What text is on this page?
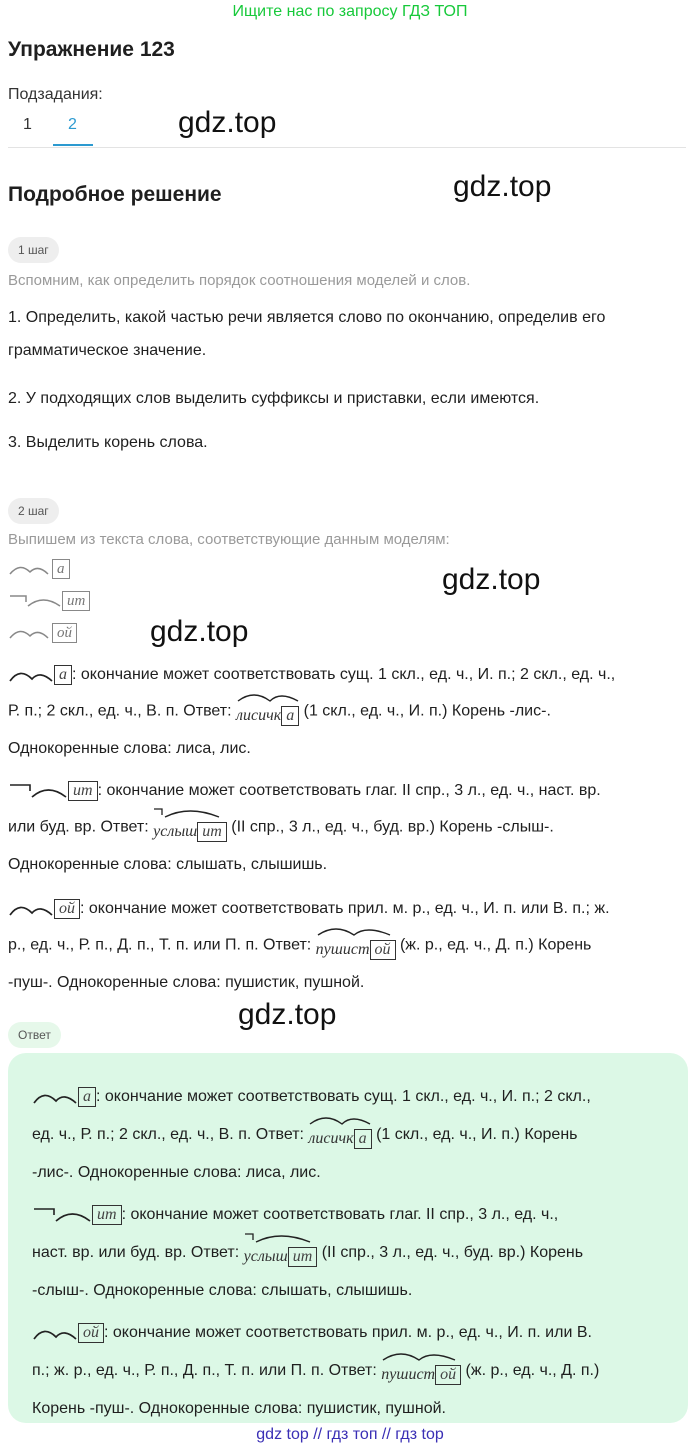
Ищите нас по запросу ГДЗ ТОП
Упражнение 123
Подзадания:
1 2	gdz.top
gdz.top
gdz.top
gdz.top
gdz.top
Подробное решение
1 шаг
Вспомним, как определить порядок соотношения моделей и слов.
1. Определить, какой частью речи является слово по окончанию, определив его
грамматическое значение.
2. У подходящих слов выделить суффиксы и приставки, если имеются.
3. Выделить корень слова.
2 шаг
Выпишем из текста слова, соответствующие данным моделям:
а
ит
ой
а : окончание может соответствовать сущ. 1 скл., ед. ч., И. п.; 2 скл., ед. ч.,
Р. п.; 2 скл., ед. ч., В. п. Ответ:
лисичк а (1 скл., ед. ч., И. п.) Корень -лис-.
Однокоренные слова: лиса, лис.
ит : окончание может соответствовать глаг. II спр., 3 л., ед. ч., наст. вр.
или буд. вр. Ответ:
услыш ит (II спр., 3 л., ед. ч., буд. вр.) Корень -слыш-.
Однокоренные слова: слышать, слышишь.
ой : окончание может соответствовать прил. м. р., ед. ч., И. п. или В. п.; ж.
р., ед. ч., Р. п., Д. п., Т. п. или П. п. Ответ:
пушист ой (ж. р., ед. ч., Д. п.) Корень
-пуш-. Однокоренные слова: пушистик, пушной.
Ответ
а : окончание может соответствовать сущ. 1 скл., ед. ч., И. п.; 2 скл.,
ед. ч., Р. п.; 2 скл., ед. ч., В. п. Ответ:
лисичк а (1 скл., ед. ч., И. п.) Корень
-лис-. Однокоренные слова: лиса, лис.
ит : окончание может соответствовать глаг. II спр., 3 л., ед. ч.,
наст. вр. или буд. вр. Ответ:
услыш ит (II спр., 3 л., ед. ч., буд. вр.) Корень
-слыш-. Однокоренные слова: слышать, слышишь.
ой : окончание может соответствовать прил. м. р., ед. ч., И. п. или В.
п.; ж. р., ед. ч., Р. п., Д. п., Т. п. или П. п. Ответ:
пушист ой (ж. р., ед. ч., Д. п.)
Корень -пуш-. Однокоренные слова: пушистик, пушной.
gdz top // гдз топ // гдз top
